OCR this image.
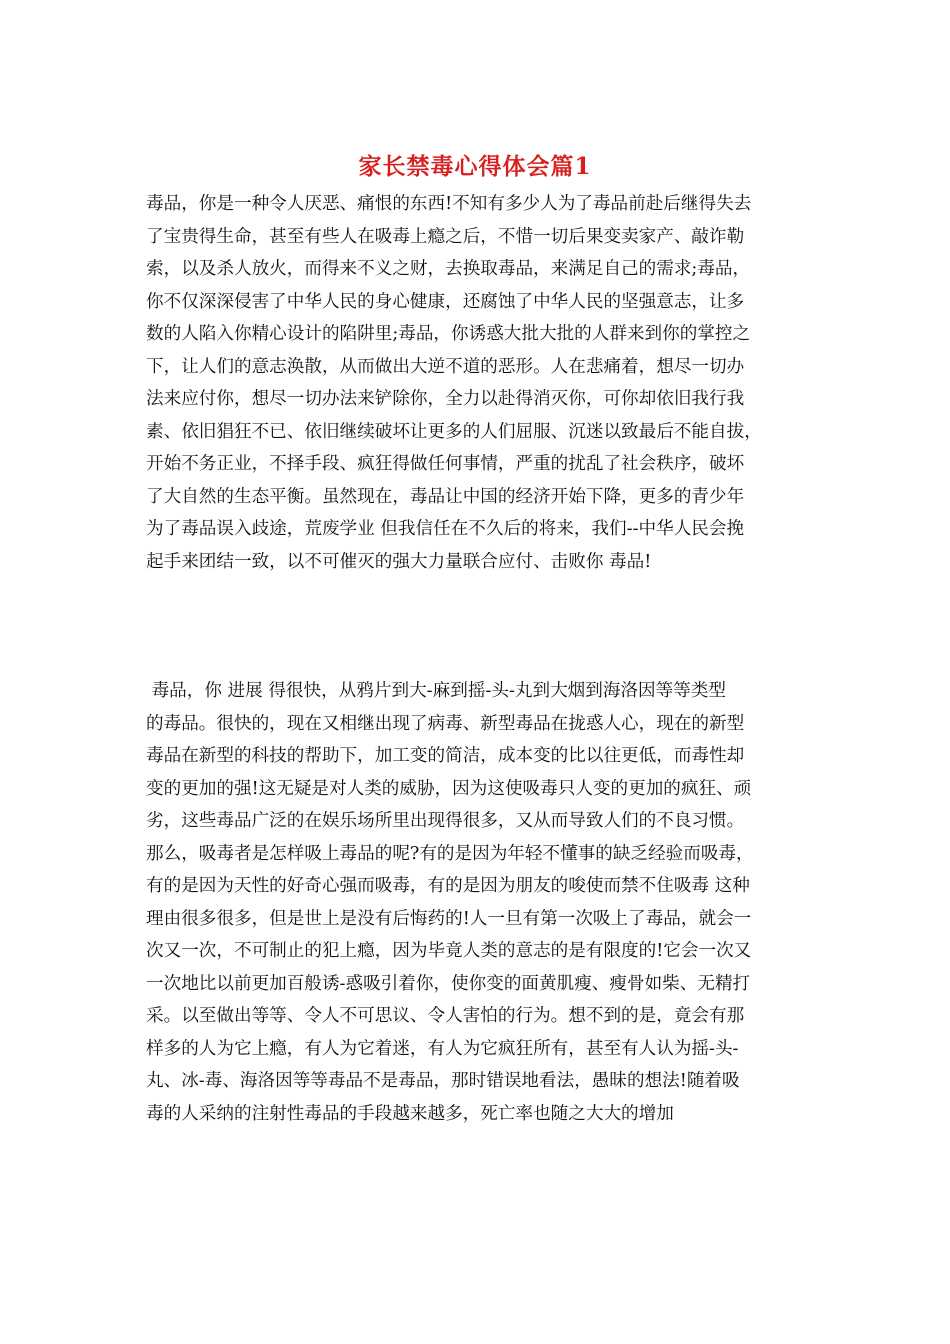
家长禁毒心得体会篇1
毒品，你是一种令人厌恶、痛恨的东西!不知有多少人为了毒品前赴后继得失去
了宝贵得生命，甚至有些人在吸毒上瘾之后，不惜一切后果变卖家产、敲诈勒
索，以及杀人放火，而得来不义之财，去换取毒品，来满足自己的需求;毒品，
你不仅深深侵害了中华人民的身心健康，还腐蚀了中华人民的坚强意志，让多
数的人陷入你精心设计的陷阱里;毒品，你诱惑大批大批的人群来到你的掌控之
下，让人们的意志涣散，从而做出大逆不道的恶形。人在悲痛着，想尽一切办
法来应付你，想尽一切办法来铲除你，全力以赴得消灭你，可你却依旧我行我
素、依旧猖狂不已、依旧继续破坏让更多的人们屈服、沉迷以致最后不能自拔，
开始不务正业，不择手段、疯狂得做任何事情，严重的扰乱了社会秩序，破坏
了大自然的生态平衡。虽然现在，毒品让中国的经济开始下降，更多的青少年
为了毒品误入歧途，荒废学业 但我信任在不久后的将来，我们--中华人民会挽
起手来团结一致，以不可催灭的强大力量联合应付、击败你 毒品!
毒品，你 进展 得很快，从鸦片到大-麻到摇-头-丸到大烟到海洛因等等类型
的毒品。很快的，现在又相继出现了病毒、新型毒品在拢惑人心，现在的新型
毒品在新型的科技的帮助下，加工变的简洁，成本变的比以往更低，而毒性却
变的更加的强!这无疑是对人类的威胁，因为这使吸毒只人变的更加的疯狂、顽
劣，这些毒品广泛的在娱乐场所里出现得很多，又从而导致人们的不良习惯。
那么，吸毒者是怎样吸上毒品的呢?有的是因为年轻不懂事的缺乏经验而吸毒，
有的是因为天性的好奇心强而吸毒，有的是因为朋友的唆使而禁不住吸毒 这种
理由很多很多，但是世上是没有后悔药的!人一旦有第一次吸上了毒品，就会一
次又一次，不可制止的犯上瘾，因为毕竟人类的意志的是有限度的!它会一次又
一次地比以前更加百般诱-惑吸引着你，使你变的面黄肌瘦、瘦骨如柴、无精打
采。以至做出等等、令人不可思议、令人害怕的行为。想不到的是，竟会有那
样多的人为它上瘾，有人为它着迷，有人为它疯狂所有，甚至有人认为摇-头-
丸、冰-毒、海洛因等等毒品不是毒品，那时错误地看法，愚昧的想法!随着吸
毒的人采纳的注射性毒品的手段越来越多，死亡率也随之大大的增加
